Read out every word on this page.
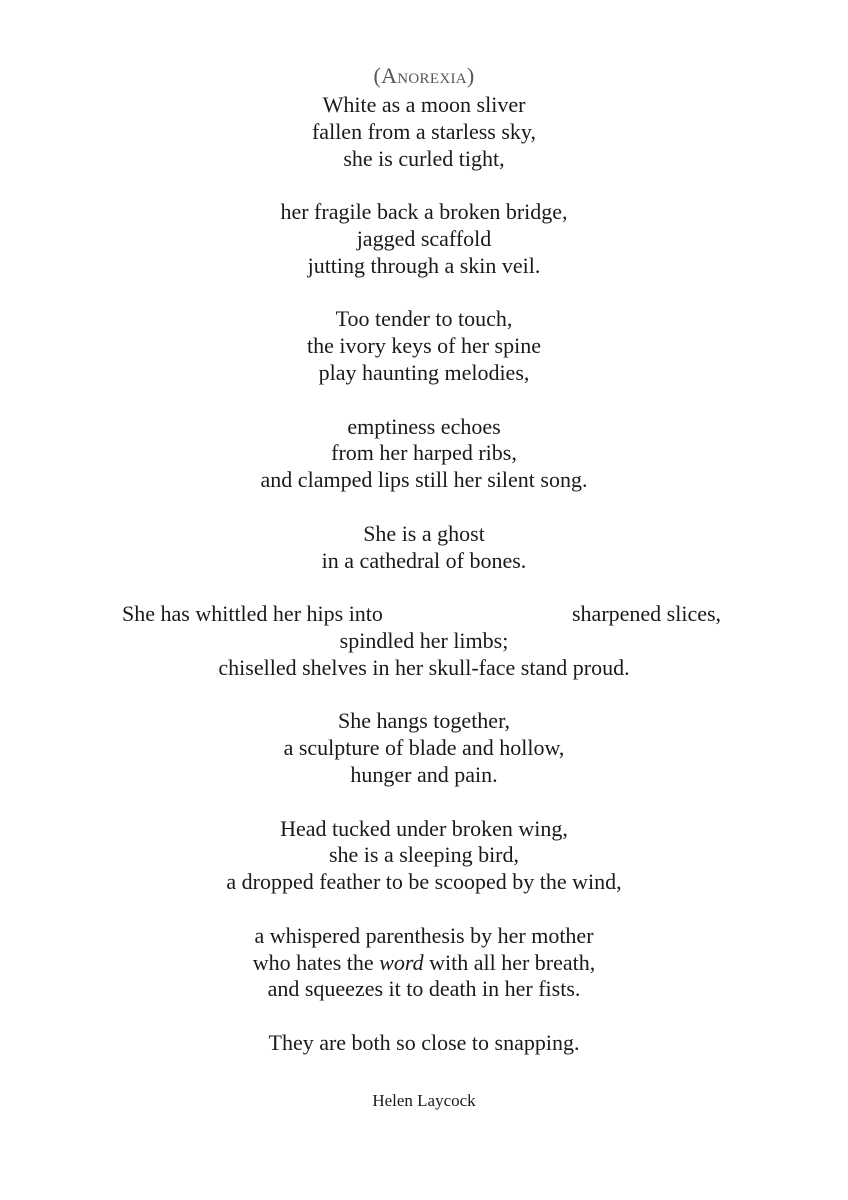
(Anorexia)
White as a moon sliver
fallen from a starless sky,
she is curled tight,
her fragile back a broken bridge,
jagged scaffold
jutting through a skin veil.
Too tender to touch,
the ivory keys of her spine
play haunting melodies,
emptiness echoes
from her harped ribs,
and clamped lips still her silent song.
She is a ghost
in a cathedral of bones.
She has whittled her hips into	sharpened slices,
spindled her limbs;
chiselled shelves in her skull-face stand proud.
She hangs together,
a sculpture of blade and hollow,
hunger and pain.
Head tucked under broken wing,
she is a sleeping bird,
a dropped feather to be scooped by the wind,
a whispered parenthesis by her mother
who hates the word with all her breath,
and squeezes it to death in her fists.
They are both so close to snapping.
Helen Laycock
